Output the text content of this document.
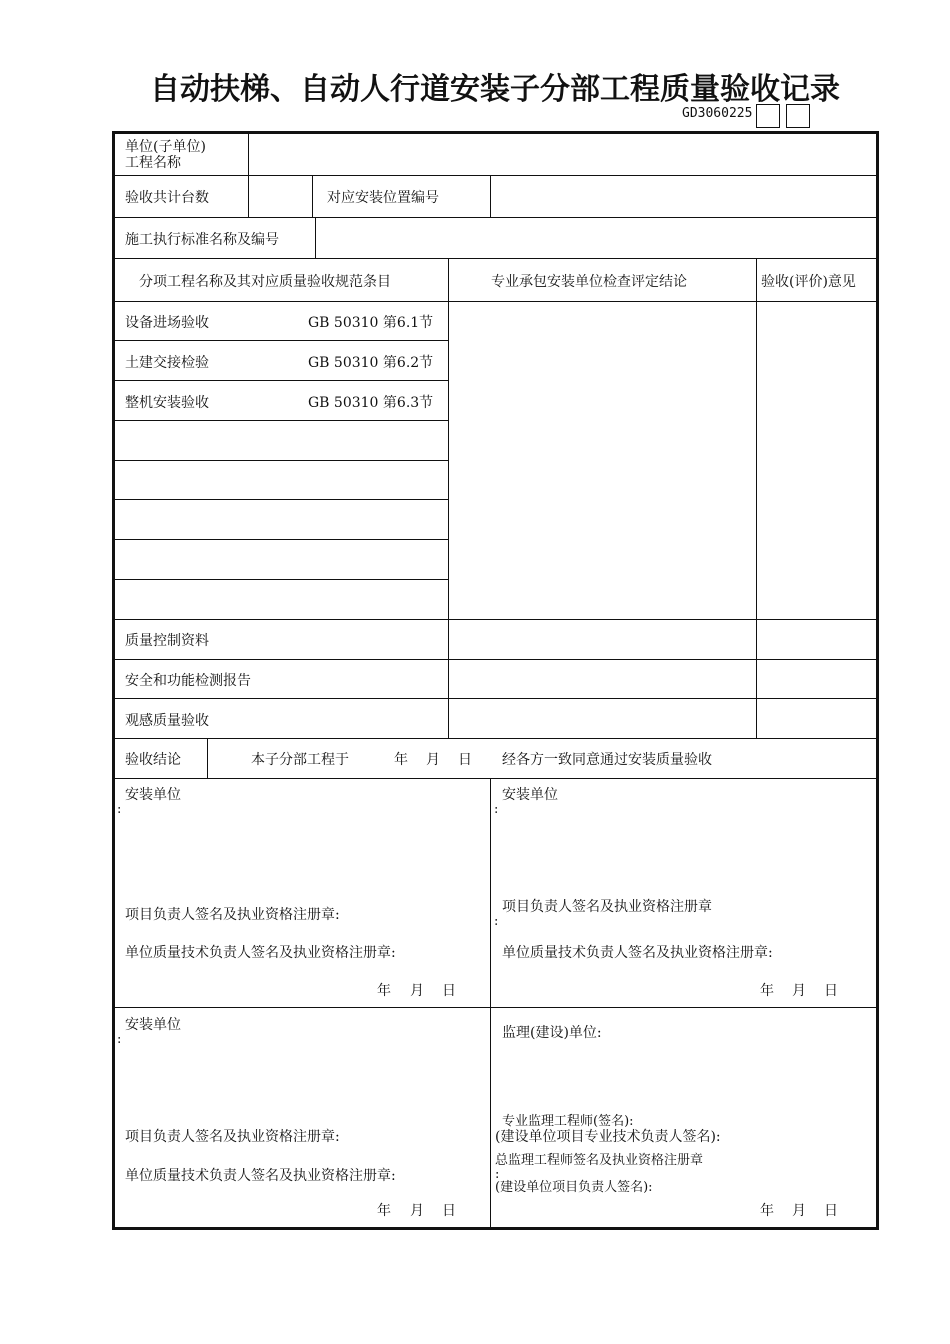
自动扶梯、自动人行道安装子分部工程质量验收记录
GD3060225
单位(子单位)
工程名称
验收共计台数	对应安装位置编号
施工执行标准名称及编号
分项工程名称及其对应质量验收规范条目	专业承包安装单位检查评定结论	验收(评价)意见
设备进场验收	GB 50310 第6.1节
土建交接检验	GB 50310 第6.2节
整机安装验收	GB 50310 第6.3节
质量控制资料
安全和功能检测报告
观感质量验收
验收结论	本子分部工程于	年 月 日 经各方一致同意通过安装质量验收
安装单位
:
项目负责人签名及执业资格注册章:
单位质量技术负责人签名及执业资格注册章:
年 月 日
安装单位
:
项目负责人签名及执业资格注册章
:
单位质量技术负责人签名及执业资格注册章:
年 月 日
安装单位
:
项目负责人签名及执业资格注册章:
单位质量技术负责人签名及执业资格注册章:
年 月 日
监理(建设)单位:
专业监理工程师(签名):
(建设单位项目专业技术负责人签名):
总监理工程师签名及执业资格注册章
:
(建设单位项目负责人签名):
年 月 日
